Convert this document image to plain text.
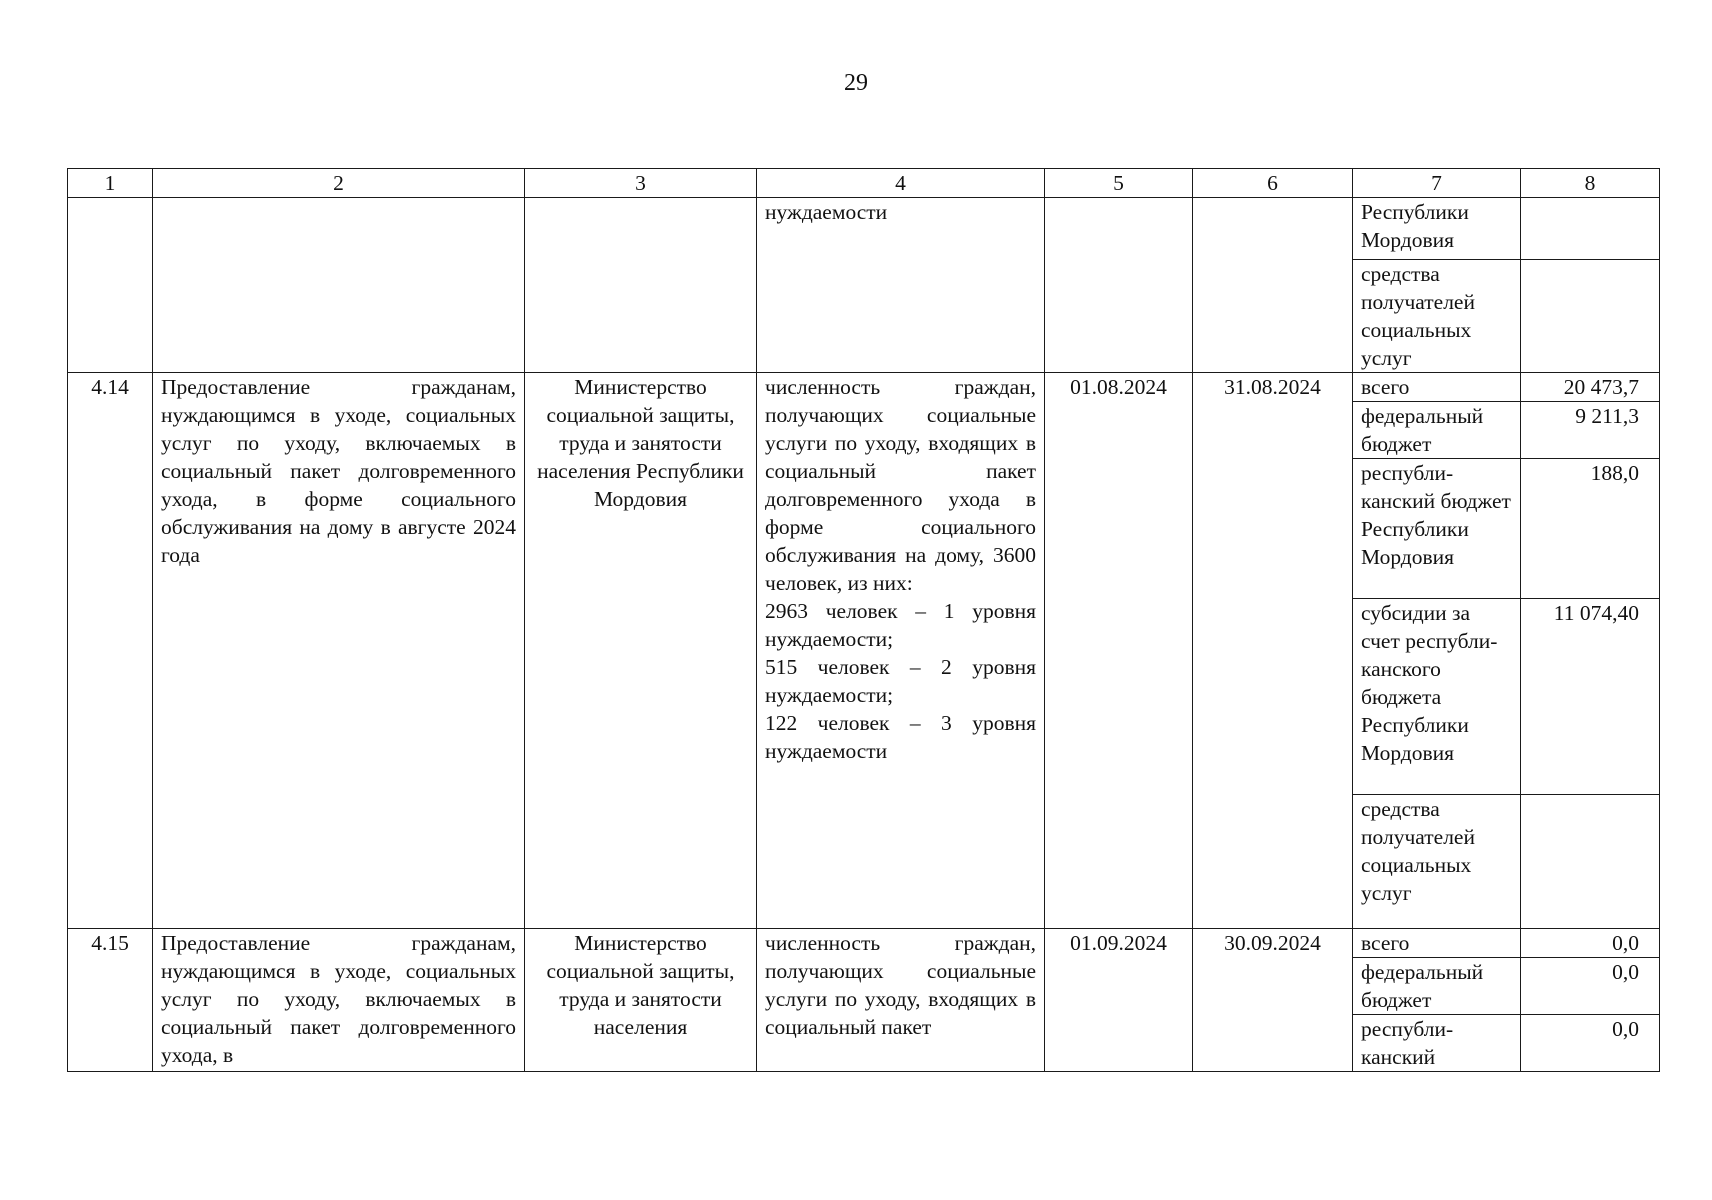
29
1	2	3	4	5	6	7	8
			нуждаемости			Республики Мордовия	
						средства получателей социальных услуг	
4.14	Предоставление гражданам, нуждающимся в уходе, социальных услуг по уходу, включаемых в социальный пакет долговременного ухода, в форме социального обслуживания на дому в августе 2024 года	Министерство социальной защиты, труда и занятости населения Республики Мордовия	численность граждан, получающих социальные услуги по уходу, входящих в социальный пакет долговременного ухода в форме социального обслуживания на дому, 3600 человек, из них:
2963 человек – 1 уровня нуждаемости;
515 человек – 2 уровня нуждаемости;
122 человек – 3 уровня нуждаемости	01.08.2024	31.08.2024	всего	20 473,7
						федеральный бюджет	9 211,3
						республи-канский бюджет Республики Мордовия	188,0
						субсидии за счет республи-канского бюджета Республики Мордовия	11 074,40
						средства получателей социальных услуг	
4.15	Предоставление гражданам, нуждающимся в уходе, социальных услуг по уходу, включаемых в социальный пакет долговременного ухода, в	Министерство социальной защиты, труда и занятости населения	численность граждан, получающих социальные услуги по уходу, входящих в социальный пакет	01.09.2024	30.09.2024	всего	0,0
						федеральный бюджет	0,0
						республи-канский	0,0
